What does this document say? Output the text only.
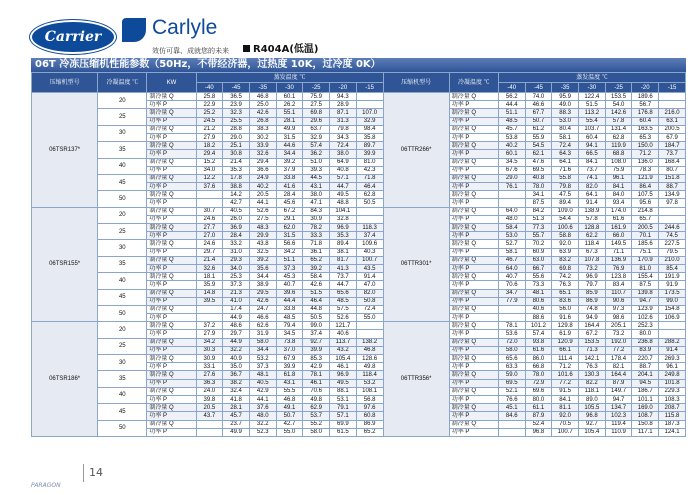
Carrier	Carlyle
效仿可靠、成就您的未来	R404A(低温)
06T 冷冻压缩机性能参数（50Hz，不带经济器，过热度 10K，过冷度 0K）
压缩机型号	冷凝温度 ℃	KW	蒸发温度 ℃							压缩机型号	冷凝温度 ℃	蒸发温度 ℃						
			-40	-45	-35	-30	-25	-20	-15			-40	-45	-35	-30	-25	-20	-15
06TSR137*	20	制冷量 Q	25.8	36.5	46.8	60.1	75.9	94.3		06TTR266*	制冷量 Q	56.2	74.0	95.9	122.4	153.5	189.6	
		功率 P	22.9	23.9	25.0	26.2	27.5	28.9			功率 P	44.4	46.6	49.0	51.5	54.0	56.7	
	25	制冷量 Q	25.2	32.3	42.6	55.1	69.8	87.1	107.0		制冷量 Q	51.1	67.7	88.3	113.2	142.6	176.8	216.0
		功率 P	24.5	25.5	26.8	28.1	29.6	31.3	32.9		功率 P	48.5	50.7	53.0	55.4	57.8	60.4	63.1
	30	制冷量 Q	21.2	28.8	38.3	49.9	63.7	79.8	98.4		制冷量 Q	45.7	61.2	80.4	103.7	131.4	163.5	200.5
		功率 P	27.9	29.0	30.2	31.5	32.9	34.3	35.8		功率 P	53.8	55.9	58.1	60.4	62.8	65.3	67.9
	35	制冷量 Q	18.2	25.1	33.9	44.6	57.4	72.4	89.7		制冷量 Q	40.2	54.5	72.4	94.1	119.9	150.0	184.7
		功率 P	29.4	30.8	32.6	34.4	36.2	38.0	39.9		功率 P	60.1	62.1	64.3	66.5	68.8	71.2	73.7
	40	制冷量 Q	15.2	21.4	29.4	39.2	51.0	64.9	81.0		制冷量 Q	34.5	47.6	64.1	84.1	108.0	136.0	168.4
		功率 P	34.0	35.3	36.6	37.9	39.3	40.8	42.3		功率 P	67.6	69.5	71.6	73.7	75.9	78.3	80.7
	45	制冷量 Q	12.2	17.8	24.9	33.8	44.5	57.1	71.8		制冷量 Q	29.0	40.8	55.8	74.1	96.1	121.9	151.8
		功率 P	37.6	38.8	40.2	41.6	43.1	44.7	46.4		功率 P	76.1	78.0	79.8	82.0	84.1	86.4	88.7
	50	制冷量 Q		14.2	20.5	28.4	38.0	49.5	62.8		制冷量 Q		34.1	47.5	64.1	84.0	107.5	134.9
		功率 P		42.7	44.1	45.6	47.1	48.8	50.5		功率 P		87.5	89.4	91.4	93.4	95.6	97.8
06TSR155*	20	制冷量 Q	30.7	40.5	52.6	67.2	84.3	104.1		06TTR301*	制冷量 Q	64.0	84.2	109.0	138.9	174.0	214.8	
		功率 P	24.6	26.0	27.5	29.1	30.9	32.8			功率 P	48.0	51.3	54.4	57.8	61.6	65.7	
	25	制冷量 Q	27.7	36.9	48.3	62.0	78.2	96.9	118.3		制冷量 Q	58.4	77.3	100.6	128.8	161.9	200.5	244.6
		功率 P	27.0	28.4	29.9	31.5	33.3	35.3	37.4		功率 P	53.0	55.7	58.8	62.2	66.0	70.1	74.5
	30	制冷量 Q	24.6	33.2	43.8	56.6	71.8	89.4	109.6		制冷量 Q	52.7	70.2	92.0	118.4	149.5	185.6	227.5
		功率 P	29.7	31.0	32.5	34.2	36.1	38.1	40.3		功率 P	58.1	60.9	63.9	67.3	71.1	75.1	79.5
	35	制冷量 Q	21.4	29.3	39.2	51.1	65.2	81.7	100.7		制冷量 Q	46.7	63.0	83.2	107.8	136.9	170.9	210.0
		功率 P	32.6	34.0	35.6	37.3	39.2	41.3	43.5		功率 P	64.0	66.7	69.8	73.2	76.9	81.0	85.4
	40	制冷量 Q	18.1	25.3	34.4	45.3	58.4	73.7	91.4		制冷量 Q	40.7	55.6	74.2	96.9	123.8	155.4	191.9
		功率 P	35.9	37.3	38.9	40.7	42.6	44.7	47.0		功率 P	70.6	73.3	76.3	79.7	83.4	87.5	91.9
	45	制冷量 Q	14.8	21.3	29.5	39.6	51.5	65.6	82.0		制冷量 Q	34.7	48.1	65.1	85.9	110.7	139.8	173.5
		功率 P	39.5	41.0	42.6	44.4	46.4	48.5	50.8		功率 P	77.9	80.6	83.6	86.9	90.6	94.7	99.0
	50	制冷量 Q		17.4	24.7	33.8	44.8	57.5	72.4		制冷量 Q		40.6	56.0	74.8	97.3	123.9	154.8
		功率 P		44.9	46.6	48.5	50.5	52.6	55.0		功率 P		88.6	91.6	94.9	98.6	102.6	106.9
06TSR186*	20	制冷量 Q	37.2	48.6	62.6	79.4	99.0	121.7		06TTR356*	制冷量 Q	78.1	101.2	129.8	164.4	205.1	252.3	
		功率 P	27.9	29.7	31.9	34.5	37.4	40.6			功率 P	53.6	57.4	61.9	67.2	73.2	80.0	
	25	制冷量 Q	34.2	44.9	58.0	73.8	92.7	113.7	138.2		制冷量 Q	72.0	93.8	120.9	153.5	192.0	236.8	288.2
		功率 P	30.3	32.2	34.4	37.0	39.9	43.2	46.8		功率 P	58.0	61.6	66.1	71.3	77.2	83.9	91.4
	30	制冷量 Q	30.9	40.9	53.2	67.9	85.3	105.4	128.6		制冷量 Q	65.6	86.0	111.4	142.1	178.4	220.7	269.3
		功率 P	33.1	35.0	37.3	39.9	42.9	46.1	49.8		功率 P	63.3	66.8	71.2	76.3	82.1	88.7	96.1
	35	制冷量 Q	27.6	36.7	48.1	61.8	78.1	96.9	118.4		制冷量 Q	59.0	78.0	101.6	130.3	164.4	204.1	249.8
		功率 P	36.3	38.2	40.5	43.1	46.1	49.5	53.2		功率 P	69.5	72.9	77.2	82.2	87.9	94.5	101.8
	40	制冷量 Q	24.0	32.4	42.9	55.5	70.6	88.1	108.1		制冷量 Q	52.1	69.6	91.5	118.1	149.7	186.7	229.3
		功率 P	39.8	41.8	44.1	46.8	49.8	53.1	56.8		功率 P	76.6	80.0	84.1	89.0	94.7	101.1	108.3
	45	制冷量 Q	20.5	28.1	37.6	49.1	62.9	79.1	97.6		制冷量 Q	45.1	61.1	81.1	105.5	134.7	169.0	208.7
		功率 P	43.7	45.7	48.0	50.7	53.7	57.1	60.8		功率 P	84.6	87.9	92.0	96.8	102.3	108.7	115.8
	50	制冷量 Q		23.7	32.2	42.7	55.2	69.9	86.9		制冷量 Q		52.4	70.5	92.7	119.4	150.8	187.3
		功率 P		49.9	52.3	55.0	58.0	61.5	65.2		功率 P		96.8	100.7	105.4	110.9	117.1	124.1
PARAGON
14
